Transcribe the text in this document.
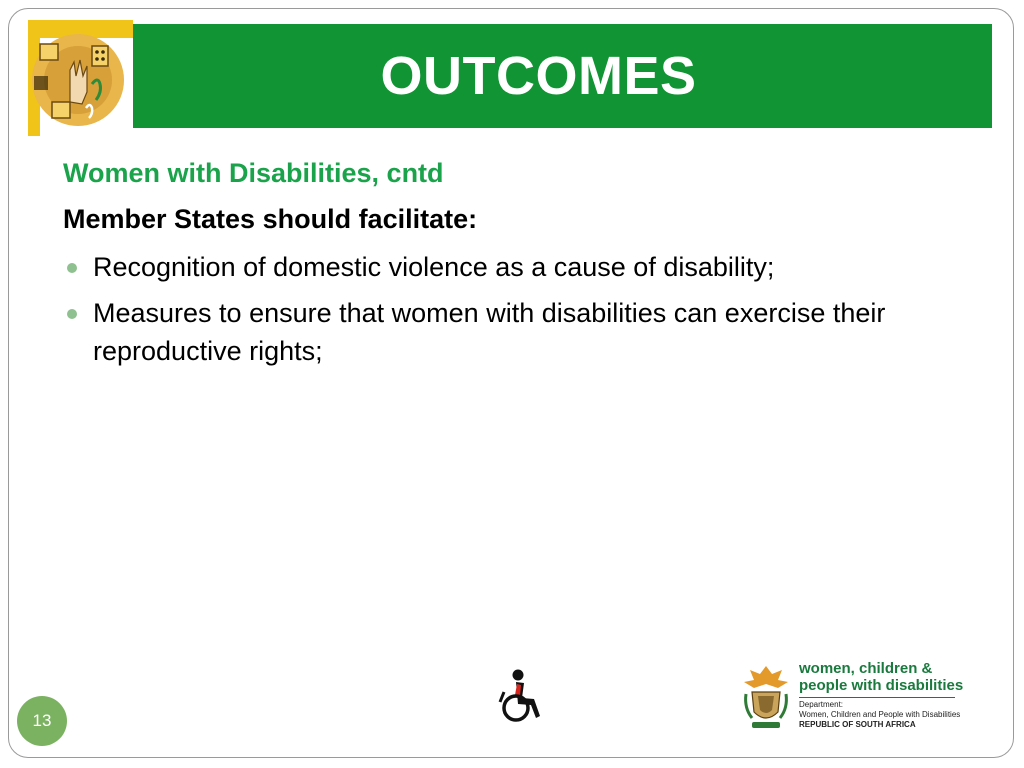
OUTCOMES
Women with Disabilities, cntd
Member States should facilitate:
Recognition of domestic violence as a cause of disability;
Measures to ensure that women with disabilities can exercise their reproductive rights;
13
women, children &
people with disabilities
Department:
Women, Children and People with Disabilities
REPUBLIC OF SOUTH AFRICA
